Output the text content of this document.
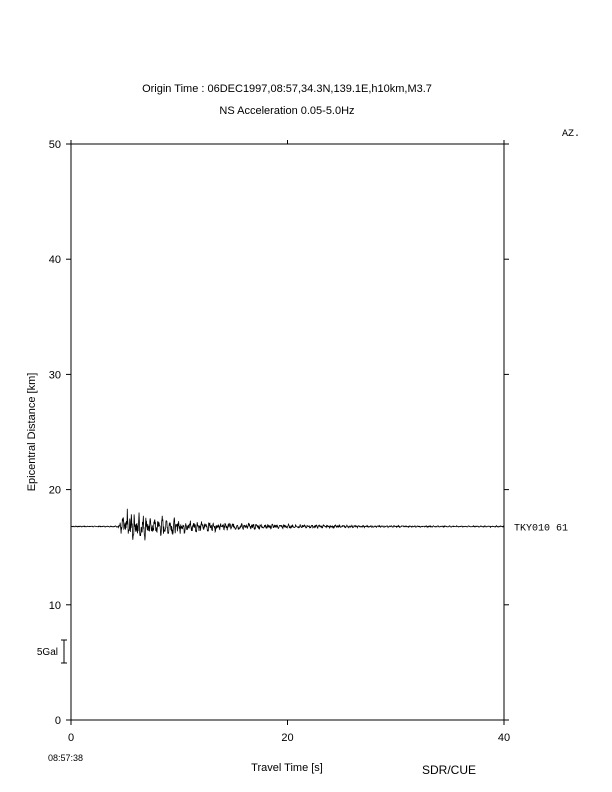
Origin Time : 06DEC1997,08:57,34.3N,139.1E,h10km,M3.7
NS Acceleration 0.05-5.0Hz
AZ.
0
10
20
30
40
50
0	20	40
TKY010 61
5Gal
08:57:38
Travel Time [s]
Epicentral Distance [km]
SDR/CUE
